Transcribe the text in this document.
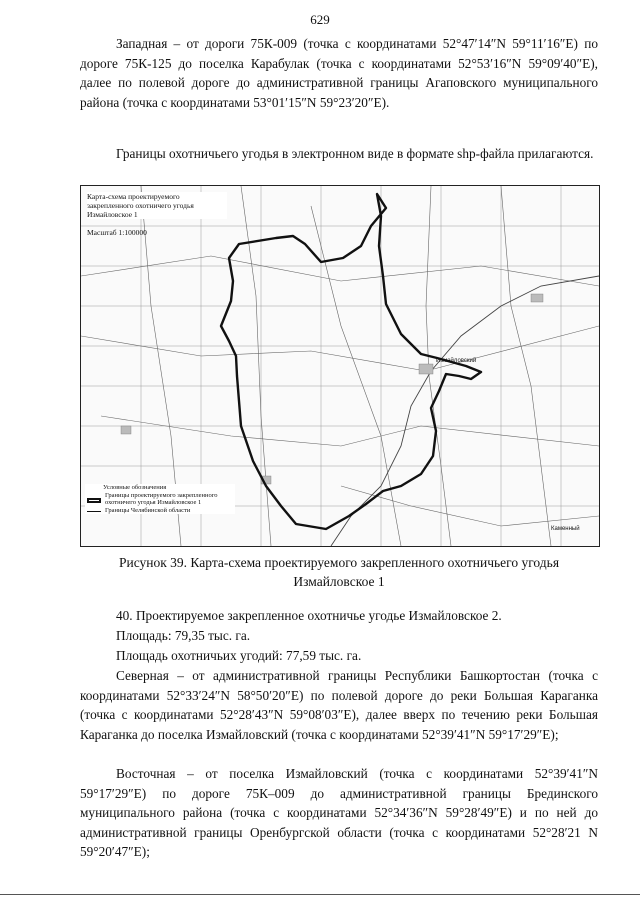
629
Западная – от дороги 75К-009 (точка с координатами 52°47′14″N 59°11′16″E) по дороге 75К-125 до поселка Карабулак (точка с координатами 52°53′16″N 59°09′40″E), далее по полевой дороге до административной границы Агаповского муниципального района (точка с координатами 53°01′15″N 59°23′20″E).
Границы охотничьего угодья в электронном виде в формате shp-файла прилагаются.
Карта-схема проектируемого закрепленного охотничего угодья Измайловское 1
Масштаб 1:100000
Измайловский
Каменный
Условные обозначения
Границы проектируемого закрепленного охотничего угодья Измайловское 1
Границы Челябинской области
Рисунок 39. Карта-схема проектируемого закрепленного охотничьего угодья
Измайловское 1
40. Проектируемое закрепленное охотничье угодье Измайловское 2.
Площадь: 79,35 тыс. га.
Площадь охотничьих угодий: 77,59 тыс. га.
Северная – от административной границы Республики Башкортостан (точка с координатами 52°33′24″N 58°50′20″E) по полевой дороге до реки Большая Караганка (точка с координатами 52°28′43″N 59°08′03″E), далее вверх по течению реки Большая Караганка до поселка Измайловский (точка с координатами 52°39′41″N 59°17′29″E);
Восточная – от поселка Измайловский (точка с координатами 52°39′41″N 59°17′29″E) по дороге 75К–009 до административной границы Брединского муниципального района (точка с координатами 52°34′36″N 59°28′49″E) и по ней до административной границы Оренбургской области (точка с координатами 52°28′21 N 59°20′47″E);
